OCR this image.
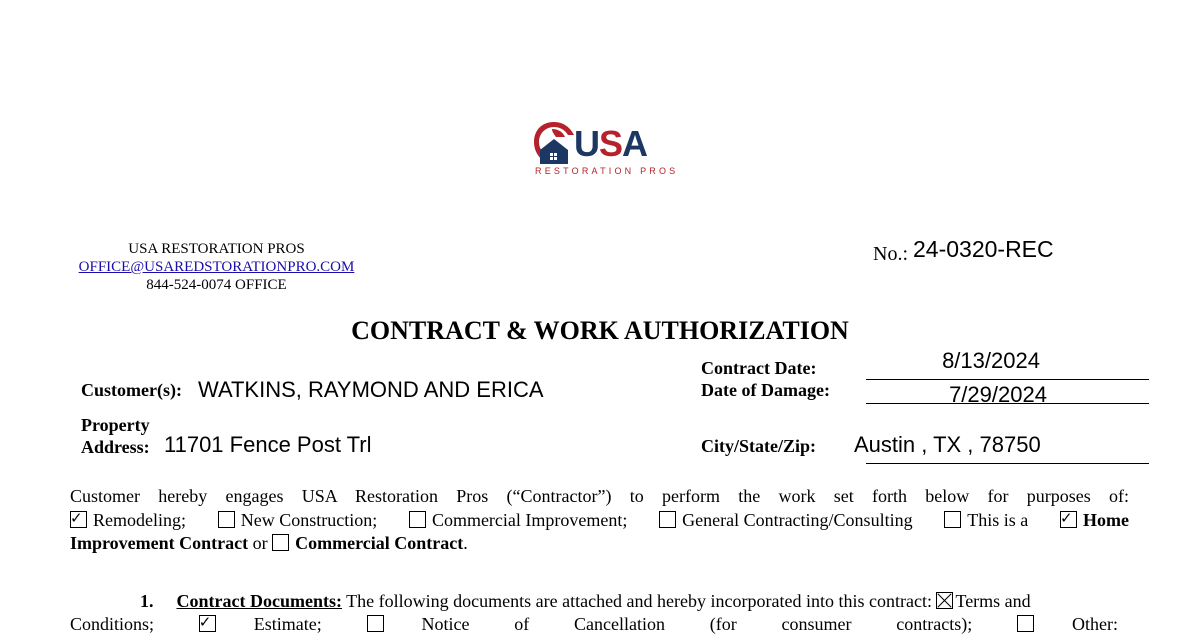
USA
RESTORATION PROS
USA RESTORATION PROS
OFFICE@USAREDSTORATIONPRO.COM
844-524-0074 OFFICE
No.: 24-0320-REC
CONTRACT & WORK AUTHORIZATION
Customer(s): WATKINS, RAYMOND AND ERICA
Property
Address: 11701 Fence Post Trl
Contract Date:	8/13/2024
Date of Damage:	7/29/2024
City/State/Zip: Austin , TX , 78750
Customer hereby engages USA Restoration Pros (“Contractor”) to perform the work set forth below for purposes of:
✓Remodeling;	New Construction;	Commercial Improvement;	General Contracting/Consulting	This is a ✓	Home
Improvement Contract or Commercial Contract.
1. Contract Documents: The following documents are attached and hereby incorporated into this contract: Terms and
Conditions; ✓	Estimate;	Notice of Cancellation (for consumer contracts);	Other:
